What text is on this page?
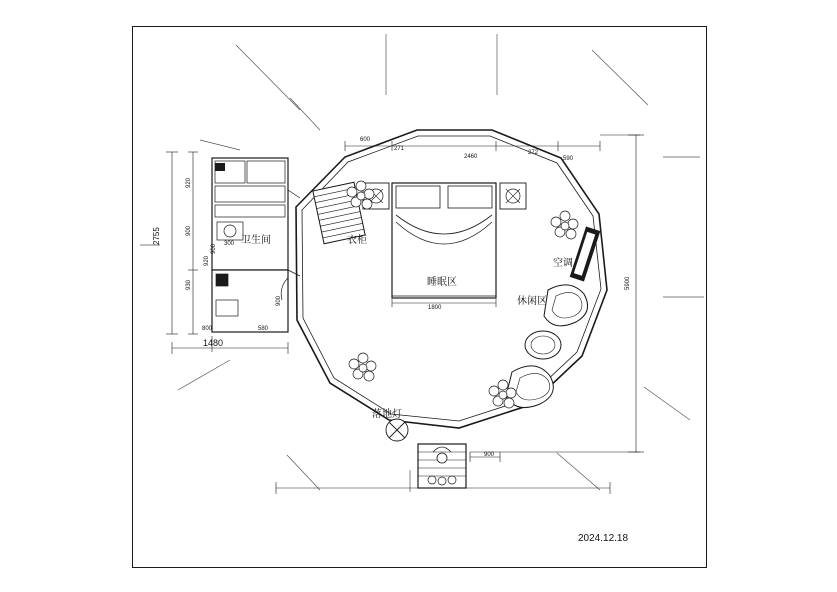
卫生间	衣柜
睡眠区
空调
休闲区
落地灯
5900
2755
1480
1800
600
271
2460
272
590
920
900
930
900
920
300
800	580
900
900
2024.12.18
